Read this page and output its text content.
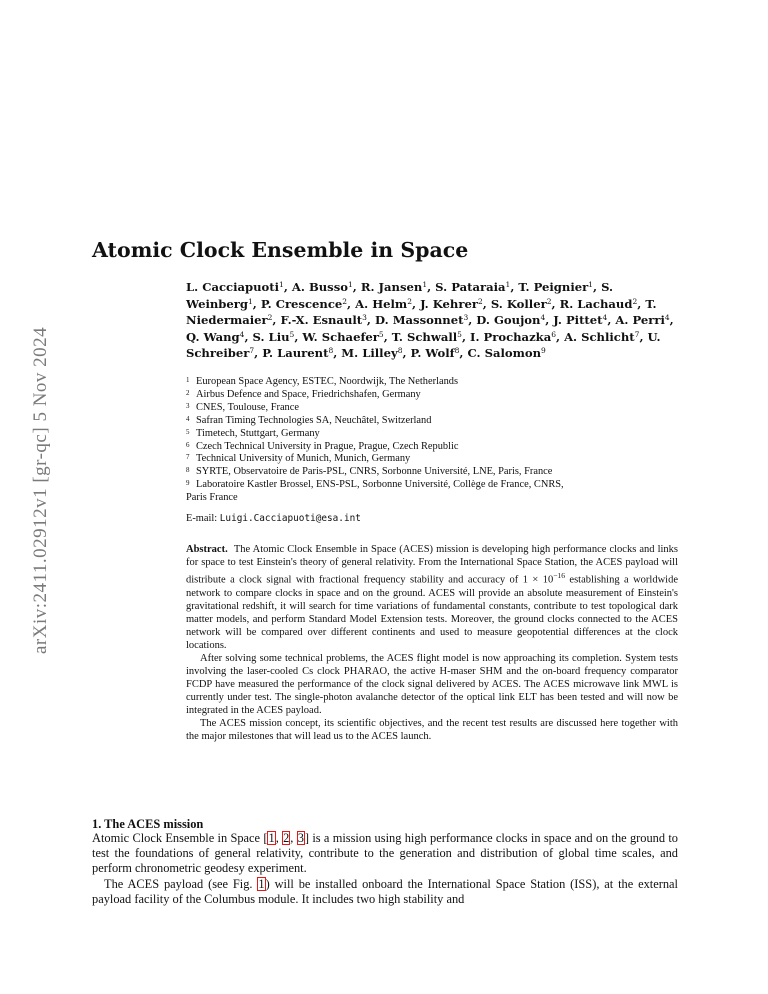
arXiv:2411.02912v1 [gr-qc] 5 Nov 2024
Atomic Clock Ensemble in Space
L. Cacciapuoti$^1$, A. Busso$^1$, R. Jansen$^1$, S. Pataraia$^1$, T. Peignier$^1$, S. Weinberg$^1$, P. Crescence$^2$, A. Helm$^2$, J. Kehrer$^2$, S. Koller$^2$, R. Lachaud$^2$, T. Niedermaier$^2$, F.-X. Esnault$^3$, D. Massonnet$^3$, D. Goujon$^4$, J. Pittet$^4$, A. Perri$^4$, Q. Wang$^4$, S. Liu$^5$, W. Schaefer$^5$, T. Schwall$^5$, I. Prochazka$^6$, A. Schlicht$^7$, U. Schreiber$^7$, P. Laurent$^8$, M. Lilley$^8$, P. Wolf$^8$, C. Salomon$^9$
1 European Space Agency, ESTEC, Noordwijk, The Netherlands
2 Airbus Defence and Space, Friedrichshafen, Germany
3 CNES, Toulouse, France
4 Safran Timing Technologies SA, Neuchâtel, Switzerland
5 Timetech, Stuttgart, Germany
6 Czech Technical University in Prague, Prague, Czech Republic
7 Technical University of Munich, Munich, Germany
8 SYRTE, Observatoire de Paris-PSL, CNRS, Sorbonne Université, LNE, Paris, France
9 Laboratoire Kastler Brossel, ENS-PSL, Sorbonne Université, Collège de France, CNRS,
Paris France
E-mail: Luigi.Cacciapuoti@esa.int

Abstract. The Atomic Clock Ensemble in Space (ACES) mission is developing high performance clocks and links for space to test Einstein's theory of general relativity. From the International Space Station, the ACES payload will distribute a clock signal with fractional frequency stability and accuracy of $1 \times 10^{-16}$ establishing a worldwide network to compare clocks in space and on the ground. ACES will provide an absolute measurement of Einstein's gravitational redshift, it will search for time variations of fundamental constants, contribute to test topological dark matter models, and perform Standard Model Extension tests. Moreover, the ground clocks connected to the ACES network will be compared over different continents and used to measure geopotential differences at the clock locations.

After solving some technical problems, the ACES flight model is now approaching its completion. System tests involving the laser-cooled Cs clock PHARAO, the active H-maser SHM and the on-board frequency comparator FCDP have measured the performance of the clock signal delivered by ACES. The ACES microwave link MWL is currently under test. The single-photon avalanche detector of the optical link ELT has been tested and will now be integrated in the ACES payload.

The ACES mission concept, its scientific objectives, and the recent test results are discussed here together with the major milestones that will lead us to the ACES launch.

1. The ACES mission

Atomic Clock Ensemble in Space [1, 2, 3] is a mission using high performance clocks in space and on the ground to test the foundations of general relativity, contribute to the generation and distribution of global time scales, and perform chronometric geodesy experiment.

The ACES payload (see Fig. 1) will be installed onboard the International Space Station (ISS), at the external payload facility of the Columbus module. It includes two high stability and
